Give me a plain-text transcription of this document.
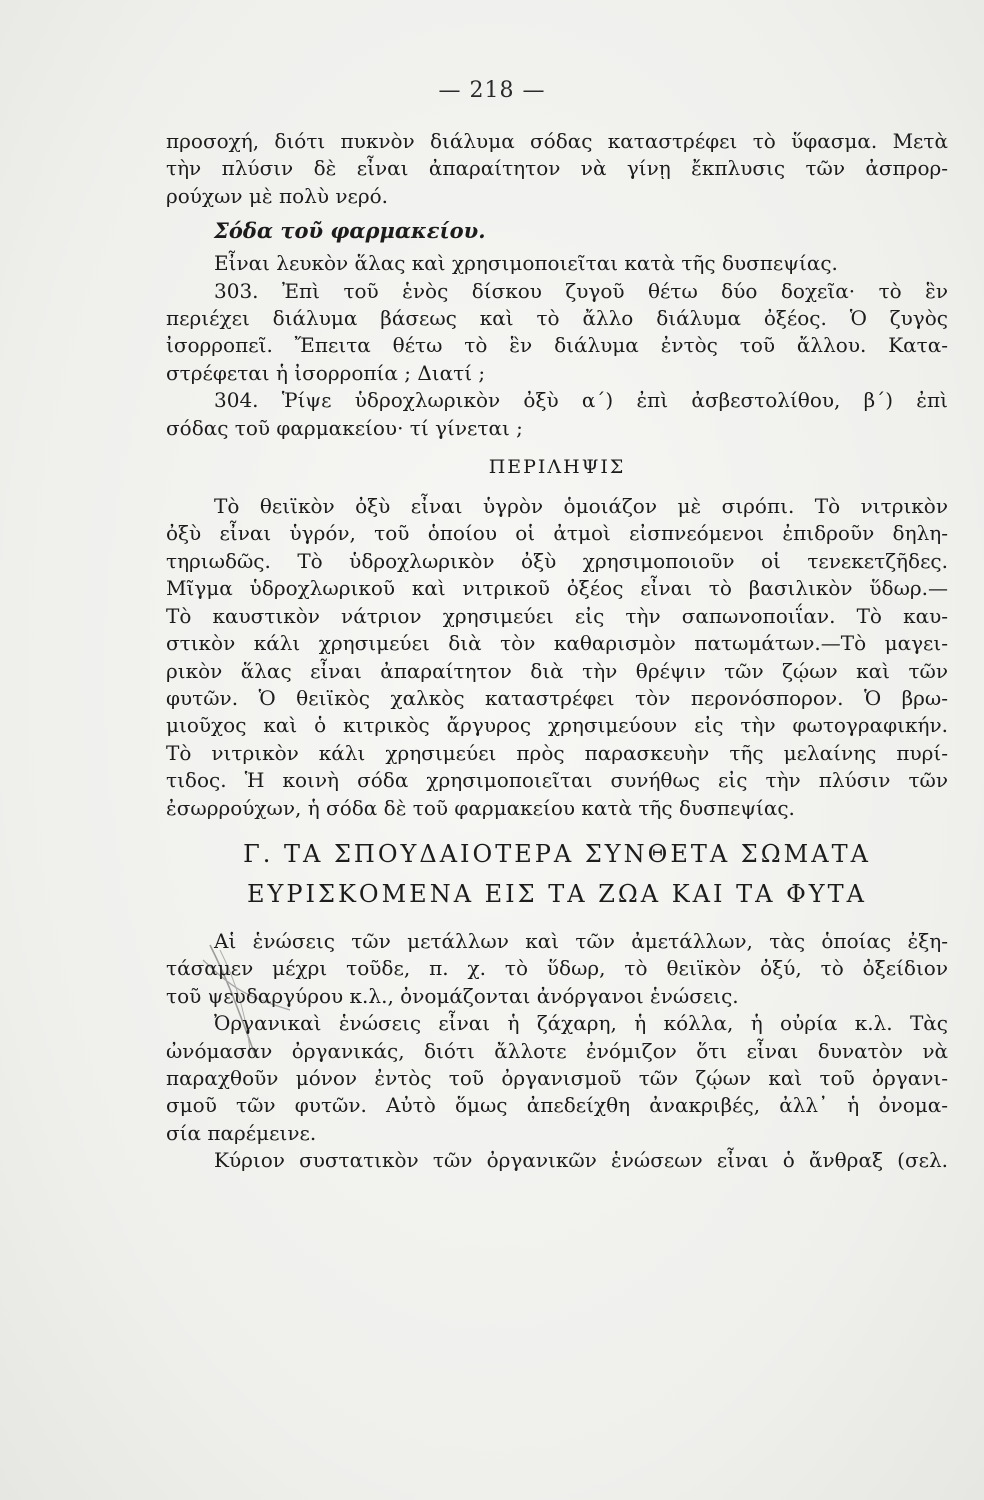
— 218 —
προσοχή, διότι πυκνὸν διάλυμα σόδας καταστρέφει τὸ ὕφασμα. Μετὰ
τὴν πλύσιν δὲ εἶναι ἀπαραίτητον νὰ γίνῃ ἔκπλυσις τῶν ἀσπρορ-
ρούχων μὲ πολὺ νερό.
Σόδα τοῦ φαρμακείου.
Εἶναι λευκὸν ἅλας καὶ χρησιμοποιεῖται κατὰ τῆς δυσπεψίας.
303. Ἐπὶ τοῦ ἑνὸς δίσκου ζυγοῦ θέτω δύο δοχεῖα· τὸ ἓν
περιέχει διάλυμα βάσεως καὶ τὸ ἄλλο διάλυμα ὀξέος. Ὁ ζυγὸς
ἰσορροπεῖ. Ἔπειτα θέτω τὸ ἓν διάλυμα ἐντὸς τοῦ ἄλλου. Κατα-
στρέφεται ἡ ἰσορροπία ; Διατί ;
304. Ῥίψε ὑδροχλωρικὸν ὀξὺ α΄) ἐπὶ ἀσβεστολίθου, β΄) ἐπὶ
σόδας τοῦ φαρμακείου· τί γίνεται ;
ΠΕΡΙΛΗΨΙΣ
Τὸ θειϊκὸν ὀξὺ εἶναι ὑγρὸν ὁμοιάζον μὲ σιρόπι. Τὸ νιτρικὸν
ὀξὺ εἶναι ὑγρόν, τοῦ ὁποίου οἱ ἀτμοὶ εἰσπνεόμενοι ἐπιδροῦν δηλη-
τηριωδῶς. Τὸ ὑδροχλωρικὸν ὀξὺ χρησιμοποιοῦν οἱ τενεκετζῆδες.
Μῖγμα ὑδροχλωρικοῦ καὶ νιτρικοῦ ὀξέος εἶναι τὸ βασιλικὸν ὕδωρ.—
Τὸ καυστικὸν νάτριον χρησιμεύει εἰς τὴν σαπωνοποιΐαν. Τὸ καυ-
στικὸν κάλι χρησιμεύει διὰ τὸν καθαρισμὸν πατωμάτων.—Τὸ μαγει-
ρικὸν ἅλας εἶναι ἀπαραίτητον διὰ τὴν θρέψιν τῶν ζῴων καὶ τῶν
φυτῶν. Ὁ θειϊκὸς χαλκὸς καταστρέφει τὸν περονόσπορον. Ὁ βρω-
μιοῦχος καὶ ὁ κιτρικὸς ἄργυρος χρησιμεύουν εἰς τὴν φωτογραφικήν.
Τὸ νιτρικὸν κάλι χρησιμεύει πρὸς παρασκευὴν τῆς μελαίνης πυρί-
τιδος. Ἡ κοινὴ σόδα χρησιμοποιεῖται συνήθως εἰς τὴν πλύσιν τῶν
ἐσωρρούχων, ἡ σόδα δὲ τοῦ φαρμακείου κατὰ τῆς δυσπεψίας.
Γ. ΤΑ ΣΠΟΥΔΑΙΟΤΕΡΑ ΣΥΝΘΕΤΑ ΣΩΜΑΤΑ
ΕΥΡΙΣΚΟΜΕΝΑ ΕΙΣ ΤΑ ΖΩΑ ΚΑΙ ΤΑ ΦΥΤΑ
Αἱ ἑνώσεις τῶν μετάλλων καὶ τῶν ἀμετάλλων, τὰς ὁποίας ἐξη-
τάσαμεν μέχρι τοῦδε, π. χ. τὸ ὕδωρ, τὸ θειϊκὸν ὀξύ, τὸ ὀξείδιον
τοῦ ψευδαργύρου κ.λ., ὀνομάζονται ἀνόργανοι ἑνώσεις.
Ὀργανικαὶ ἑνώσεις εἶναι ἡ ζάχαρη, ἡ κόλλα, ἡ οὐρία κ.λ. Τὰς
ὠνόμασαν ὀργανικάς, διότι ἄλλοτε ἐνόμιζον ὅτι εἶναι δυνατὸν νὰ
παραχθοῦν μόνον ἐντὸς τοῦ ὀργανισμοῦ τῶν ζῴων καὶ τοῦ ὀργανι-
σμοῦ τῶν φυτῶν. Αὐτὸ ὅμως ἀπεδείχθη ἀνακριβές, ἀλλ᾽ ἡ ὀνομα-
σία παρέμεινε.
Κύριον συστατικὸν τῶν ὀργανικῶν ἑνώσεων εἶναι ὁ ἄνθραξ (σελ.
